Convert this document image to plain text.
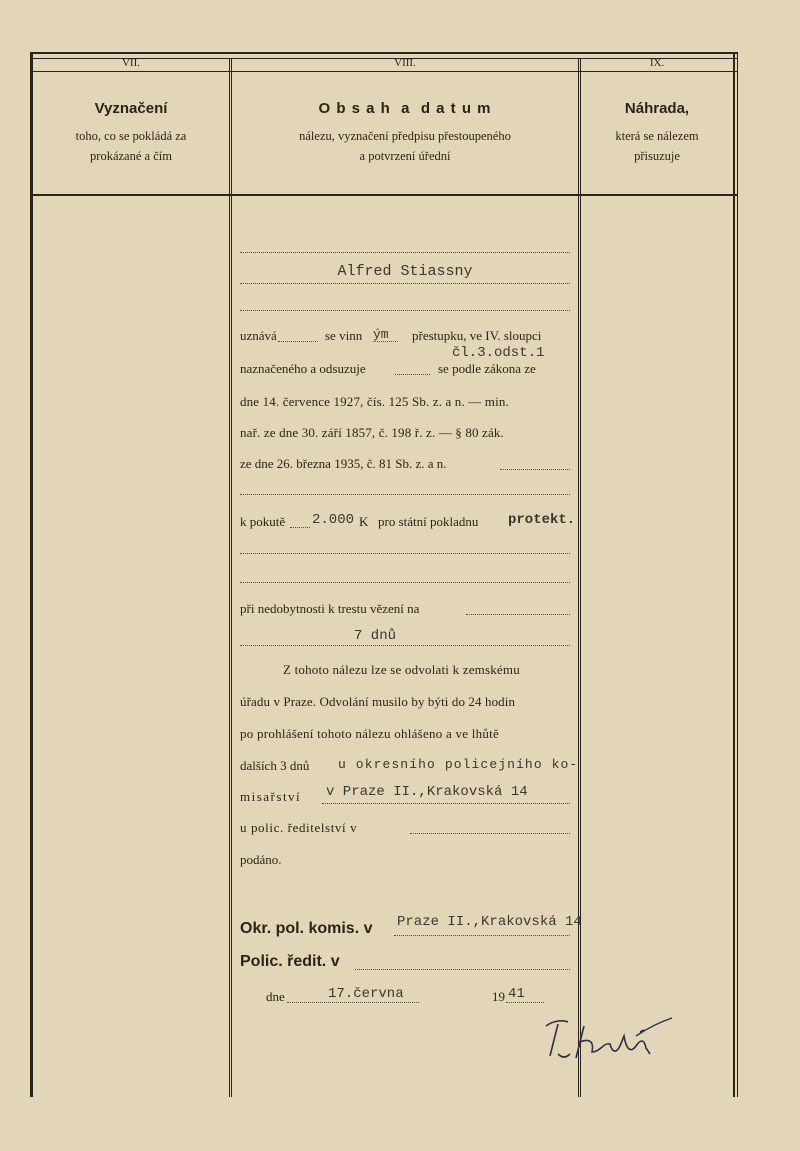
VII.	VIII.	IX.
Vyznačení
toho, co se pokládá za
prokázané a čím
O b s a h  a  d a t u m
nálezu, vyznačení předpisu přestoupeného
a potvrzení úřední
Náhrada,
která se nálezem
přisuzuje
Alfred Stiassny
uznává	se vinn ým přestupku, ve IV. sloupci
čl.3.odst.1
naznačeného a odsuzuje	se podle zákona ze
dne 14. července 1927, čís. 125 Sb. z. a n. — min.
nař. ze dne 30. září 1857, č. 198 ř. z. — § 80 zák.
ze dne 26. března 1935, č. 81 Sb. z. a n.
k pokutě 2.000 K pro státní pokladnu protekt.
při nedobytnosti k trestu vězení na
7 dnů
Z tohoto nálezu lze se odvolati k zemskému
úřadu v Praze. Odvolání musilo by býti do 24 hodin
po prohlášení tohoto nálezu ohlášeno a ve lhůtě
dalších 3 dnů u okresního policejního ko-
misařství v Praze II.,Krakovská 14
u polic. ředitelství v
podáno.
Okr. pol. komis. v Praze II.,Krakovská 14
Polic. ředit. v
dne	17.června	19 41
